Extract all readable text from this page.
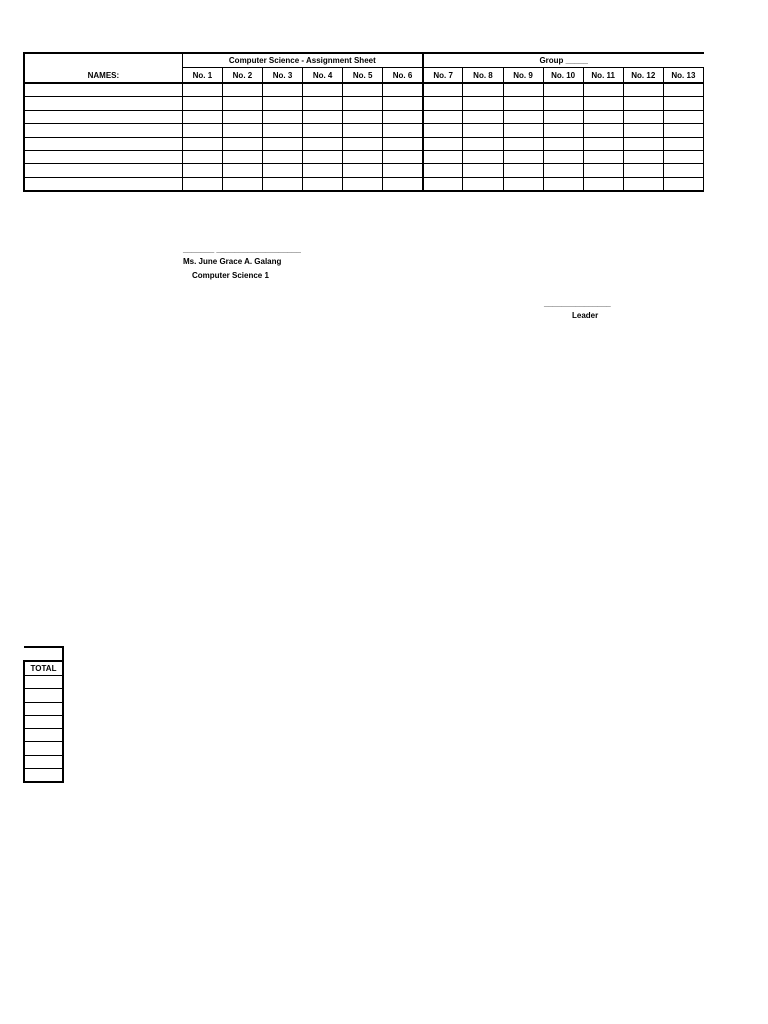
NAMES:	Computer Science - Assignment Sheet						Group _____						
	No. 1	No. 2	No. 3	No. 4	No. 5	No. 6	No. 7	No. 8	No. 9	No. 10	No. 11	No. 12	No. 13

_______ ___________________
Ms. June Grace A. Galang
Computer Science 1
_______________
Leader

TOTAL
